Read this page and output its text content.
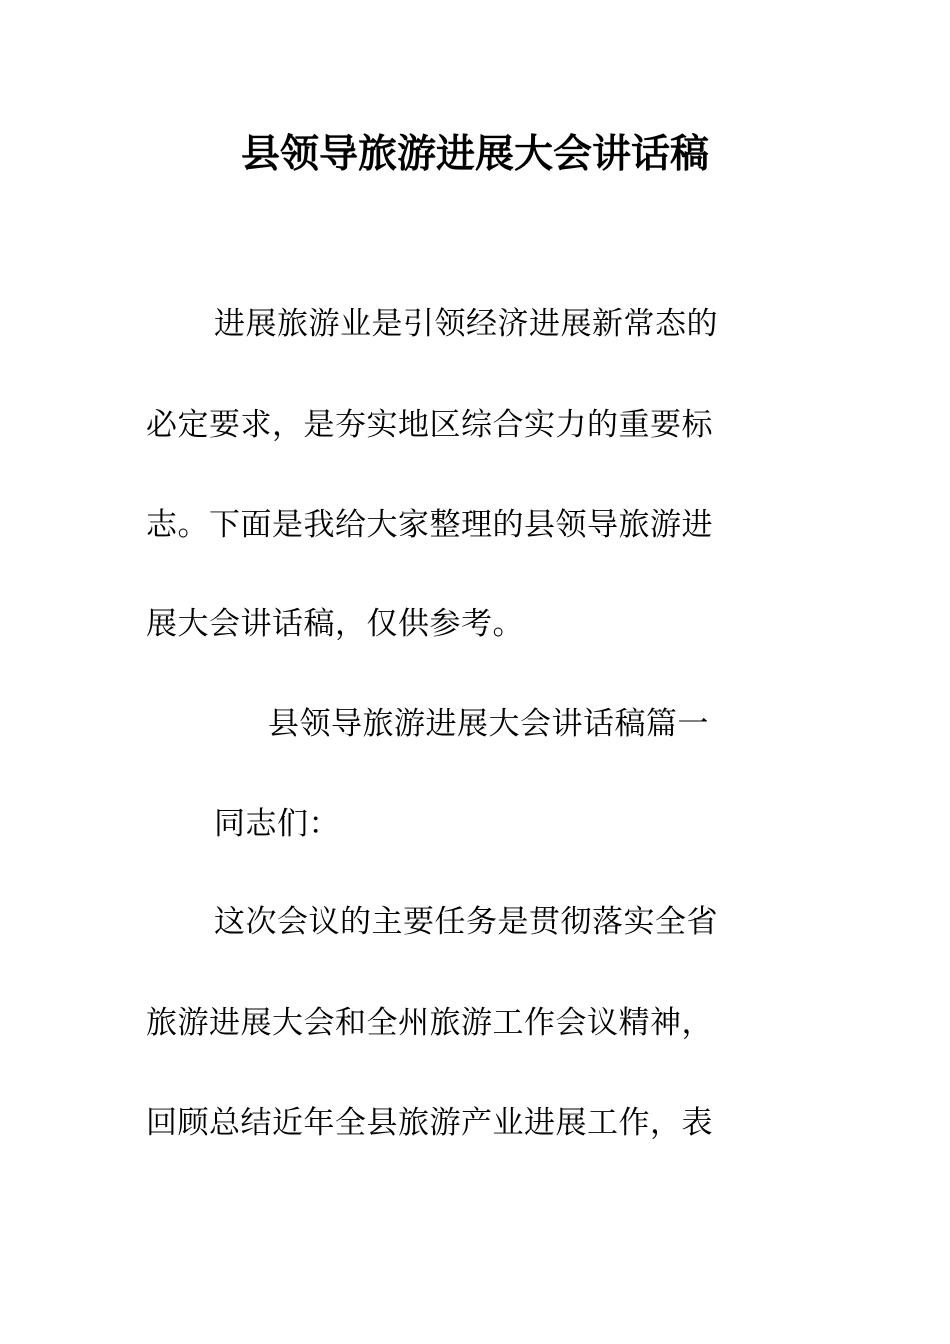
县领导旅游进展大会讲话稿
进展旅游业是引领经济进展新常态的
必定要求，是夯实地区综合实力的重要标
志。下面是我给大家整理的县领导旅游进
展大会讲话稿，仅供参考。
县领导旅游进展大会讲话稿篇一
同志们：
这次会议的主要任务是贯彻落实全省
旅游进展大会和全州旅游工作会议精神，
回顾总结近年全县旅游产业进展工作，表
